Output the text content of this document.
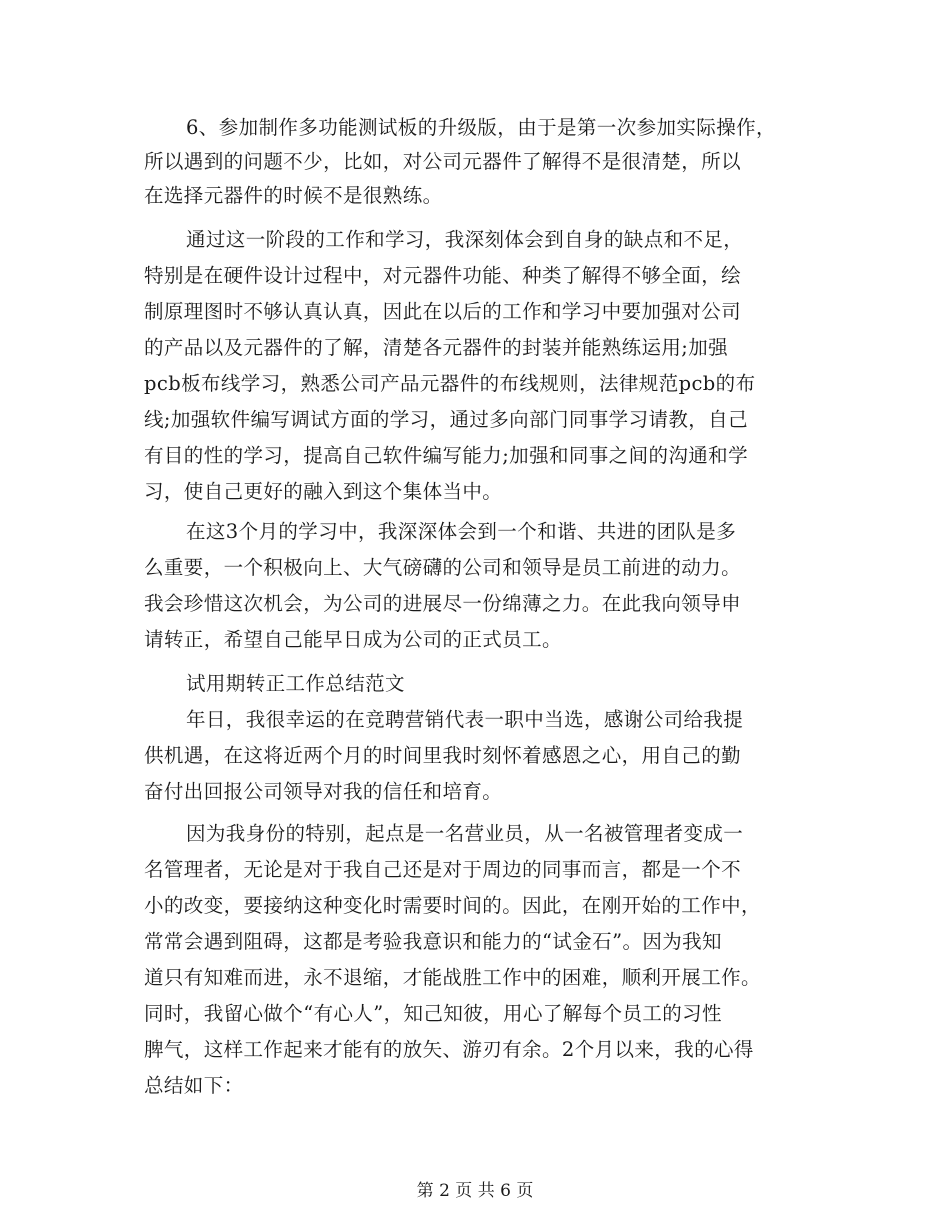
6、参加制作多功能测试板的升级版，由于是第一次参加实际操作，
所以遇到的问题不少，比如，对公司元器件了解得不是很清楚，所以
在选择元器件的时候不是很熟练。
通过这一阶段的工作和学习，我深刻体会到自身的缺点和不足，
特别是在硬件设计过程中，对元器件功能、种类了解得不够全面，绘
制原理图时不够认真认真，因此在以后的工作和学习中要加强对公司
的产品以及元器件的了解，清楚各元器件的封装并能熟练运用;加强
pcb板布线学习，熟悉公司产品元器件的布线规则，法律规范pcb的布
线;加强软件编写调试方面的学习，通过多向部门同事学习请教，自己
有目的性的学习，提高自己软件编写能力;加强和同事之间的沟通和学
习，使自己更好的融入到这个集体当中。
在这3个月的学习中，我深深体会到一个和谐、共进的团队是多
么重要，一个积极向上、大气磅礴的公司和领导是员工前进的动力。
我会珍惜这次机会，为公司的进展尽一份绵薄之力。在此我向领导申
请转正，希望自己能早日成为公司的正式员工。
试用期转正工作总结范文
年日，我很幸运的在竞聘营销代表一职中当选，感谢公司给我提
供机遇，在这将近两个月的时间里我时刻怀着感恩之心，用自己的勤
奋付出回报公司领导对我的信任和培育。
因为我身份的特别，起点是一名营业员，从一名被管理者变成一
名管理者，无论是对于我自己还是对于周边的同事而言，都是一个不
小的改变，要接纳这种变化时需要时间的。因此，在刚开始的工作中，
常常会遇到阻碍，这都是考验我意识和能力的“试金石”。因为我知
道只有知难而进，永不退缩，才能战胜工作中的困难，顺利开展工作。
同时，我留心做个“有心人”，知己知彼，用心了解每个员工的习性
脾气，这样工作起来才能有的放矢、游刃有余。2个月以来，我的心得
总结如下：
第 2 页 共 6 页
